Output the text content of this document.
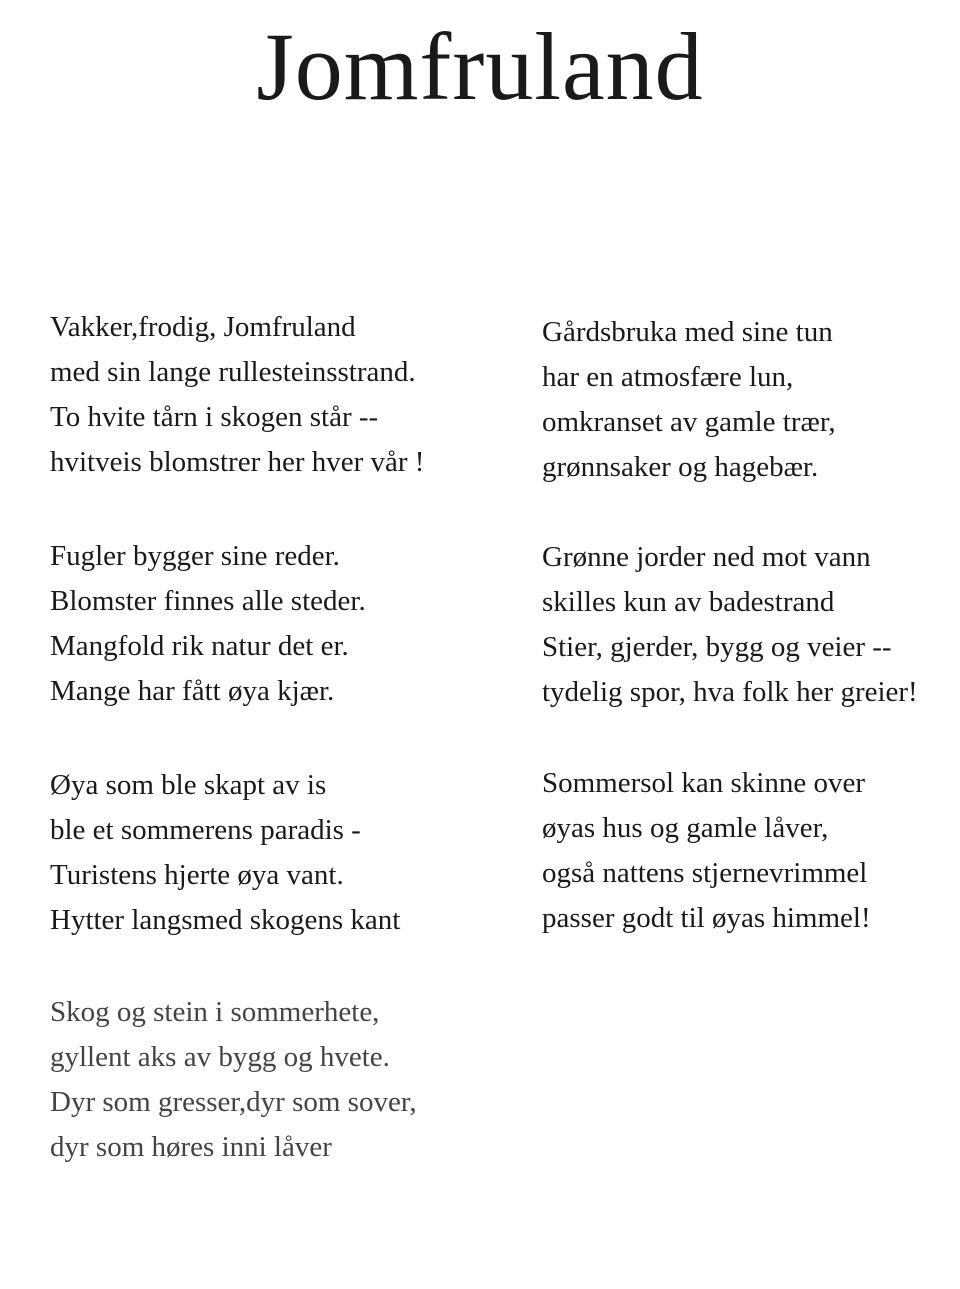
Jomfruland
Vakker,frodig, Jomfruland
med sin lange rullesteinsstrand.
To hvite tårn i skogen står --
hvitveis blomstrer her hver vår !
Fugler bygger sine reder.
Blomster finnes alle steder.
Mangfold rik natur det er.
Mange har fått øya kjær.
Øya som ble skapt av is
ble et sommerens paradis -
Turistens hjerte øya vant.
Hytter langsmed skogens kant
Skog og stein i sommerhete,
gyllent aks av bygg og hvete.
Dyr som gresser,dyr som sover,
dyr som høres inni låver
Gårdsbruka med sine tun
har en atmosfære lun,
omkranset av gamle trær,
grønnsaker og hagebær.
Grønne jorder ned mot vann
skilles kun av badestrand
Stier, gjerder, bygg og veier --
tydelig spor, hva folk her greier!
Sommersol kan skinne over
øyas hus og gamle låver,
også nattens stjernevrimmel
passer godt til øyas himmel!
